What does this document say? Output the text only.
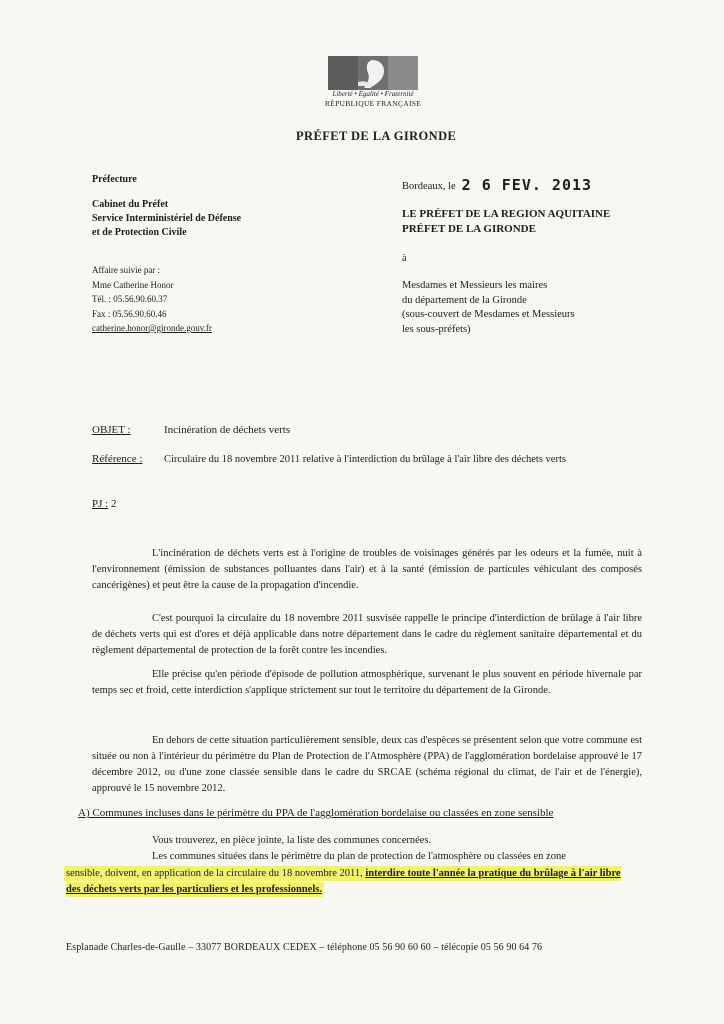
Liberté • Égalité • Fraternité
RÉPUBLIQUE FRANÇAISE
PRÉFET DE LA GIRONDE
Préfecture
Cabinet du Préfet
Service Interministériel de Défense
et de Protection Civile
Affaire suivie par :
Mme Catherine Honor
Tél. : 05.56.90.60.37
Fax : 05.56.90.60.46
catherine.honor@gironde.gouv.fr
Bordeaux, le 2 6 FEV. 2013
LE PRÉFET DE LA REGION AQUITAINE
PRÉFET DE LA GIRONDE
à
Mesdames et Messieurs les maires
du département de la Gironde
(sous-couvert de Mesdames et Messieurs
les sous-préfets)
OBJET :	Incinération de déchets verts
Référence : Circulaire du 18 novembre 2011 relative à l'interdiction du brûlage à l'air libre des déchets verts
PJ : 2
L'incinération de déchets verts est à l'origine de troubles de voisinages générés par les odeurs et la fumée, nuit à l'environnement (émission de substances polluantes dans l'air) et à la santé (émission de particules véhiculant des composés cancérigènes) et peut être la cause de la propagation d'incendie.
C'est pourquoi la circulaire du 18 novembre 2011 susvisée rappelle le principe d'interdiction de brûlage à l'air libre de déchets verts qui est d'ores et déjà applicable dans notre département dans le cadre du règlement sanitaire départemental et du règlement départemental de protection de la forêt contre les incendies.
Elle précise qu'en période d'épisode de pollution atmosphérique, survenant le plus souvent en période hivernale par temps sec et froid, cette interdiction s'applique strictement sur tout le territoire du département de la Gironde.
En dehors de cette situation particulièrement sensible, deux cas d'espèces se présentent selon que votre commune est située ou non à l'intérieur du périmètre du Plan de Protection de l'Atmosphère (PPA) de l'agglomération bordelaise approuvé le 17 décembre 2012, ou d'une zone classée sensible dans le cadre du SRCAE (schéma régional du climat, de l'air et de l'énergie), approuvé le 15 novembre 2012.
A) Communes incluses dans le périmètre du PPA de l'agglomération bordelaise ou classées en zone sensible
Vous trouverez, en pièce jointe, la liste des communes concernées.
Les communes situées dans le périmètre du plan de protection de l'atmosphère ou classées en zone
sensible, doivent, en application de la circulaire du 18 novembre 2011, interdire toute l'année la pratique du brûlage à l'air libre des déchets verts par les particuliers et les professionnels.
Esplanade Charles-de-Gaulle – 33077 BORDEAUX CEDEX – téléphone 05 56 90 60 60 – télécopie 05 56 90 64 76
